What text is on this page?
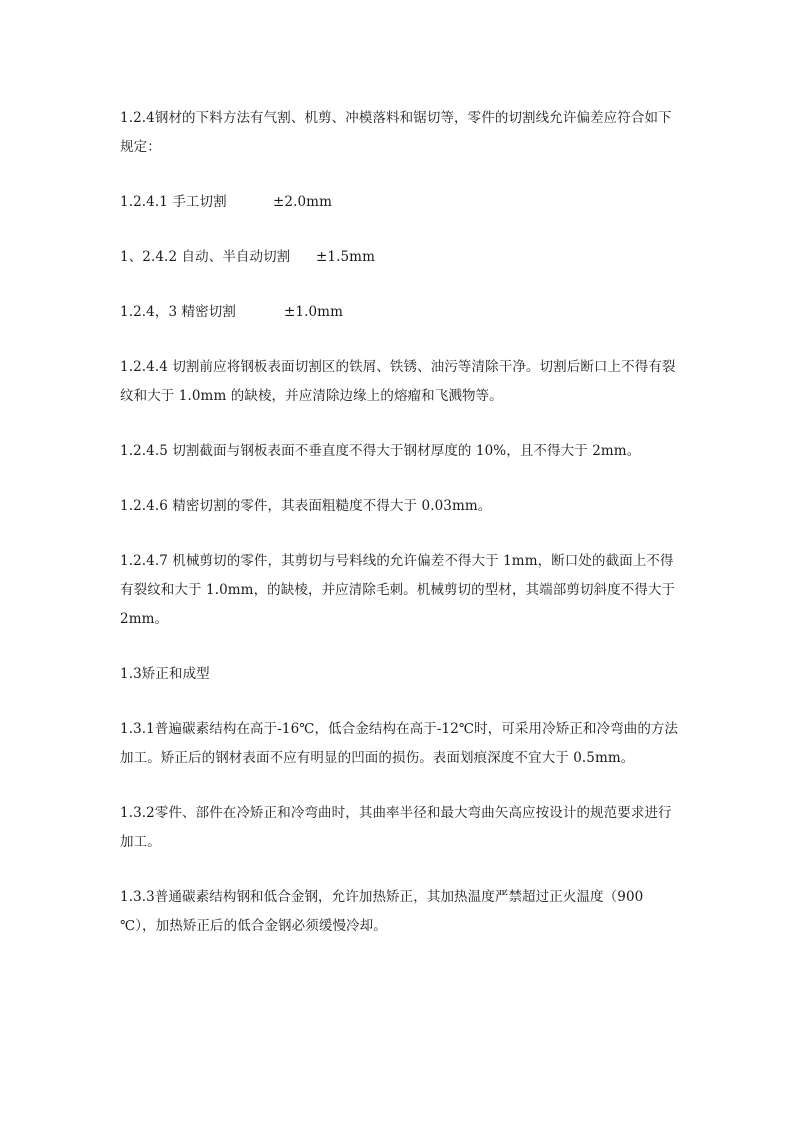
1.2.4钢材的下料方法有气割、机剪、冲模落料和锯切等，零件的切割线允许偏差应符合如下规定：

1.2.4.1 手工切割	±2.0mm
1、2.4.2 自动、半自动切割	±1.5mm
1.2.4，3 精密切割	±1.0mm

1.2.4.4 切割前应将钢板表面切割区的铁屑、铁锈、油污等清除干净。切割后断口上不得有裂纹和大于 1.0mm 的缺棱，并应清除边缘上的熔瘤和飞溅物等。

1.2.4.5 切割截面与钢板表面不垂直度不得大于钢材厚度的 10%，且不得大于 2mm。

1.2.4.6 精密切割的零件，其表面粗糙度不得大于 0.03mm。

1.2.4.7 机械剪切的零件，其剪切与号料线的允许偏差不得大于 1mm，断口处的截面上不得有裂纹和大于 1.0mm，的缺棱，并应清除毛刺。机械剪切的型材，其端部剪切斜度不得大于 2mm。

1.3矫正和成型

1.3.1普遍碳素结构在高于-16℃，低合金结构在高于-12℃时，可采用冷矫正和冷弯曲的方法加工。矫正后的钢材表面不应有明显的凹面的损伤。表面划痕深度不宜大于 0.5mm。

1.3.2零件、部件在冷矫正和冷弯曲时，其曲率半径和最大弯曲矢高应按设计的规范要求进行加工。

1.3.3普通碳素结构钢和低合金钢，允许加热矫正，其加热温度严禁超过正火温度（900 ℃），加热矫正后的低合金钢必须缓慢冷却。
